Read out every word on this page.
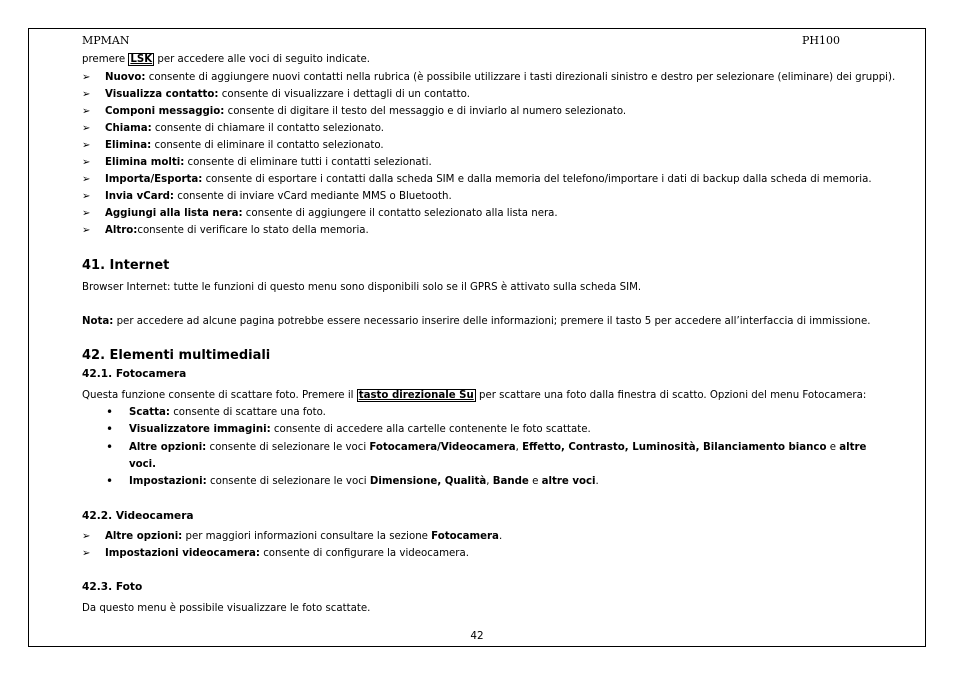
MPMAN	PH100
premere LSK per accedere alle voci di seguito indicate.
➢ Nuovo: consente di aggiungere nuovi contatti nella rubrica (è possibile utilizzare i tasti direzionali sinistro e destro per selezionare (eliminare) dei gruppi).
➢ Visualizza contatto: consente di visualizzare i dettagli di un contatto.
➢ Componi messaggio: consente di digitare il testo del messaggio e di inviarlo al numero selezionato.
➢ Chiama: consente di chiamare il contatto selezionato.
➢ Elimina: consente di eliminare il contatto selezionato.
➢ Elimina molti: consente di eliminare tutti i contatti selezionati.
➢ Importa/Esporta: consente di esportare i contatti dalla scheda SIM e dalla memoria del telefono/importare i dati di backup dalla scheda di memoria.
➢ Invia vCard: consente di inviare vCard mediante MMS o Bluetooth.
➢ Aggiungi alla lista nera: consente di aggiungere il contatto selezionato alla lista nera.
➢ Altro:consente di verificare lo stato della memoria.
41. Internet
Browser Internet: tutte le funzioni di questo menu sono disponibili solo se il GPRS è attivato sulla scheda SIM.
Nota: per accedere ad alcune pagina potrebbe essere necessario inserire delle informazioni; premere il tasto 5 per accedere all’interfaccia di immissione.
42. Elementi multimediali
42.1. Fotocamera
Questa funzione consente di scattare foto. Premere il tasto direzionale Su per scattare una foto dalla finestra di scatto. Opzioni del menu Fotocamera:
• Scatta: consente di scattare una foto.
• Visualizzatore immagini: consente di accedere alla cartelle contenente le foto scattate.
• Altre opzioni: consente di selezionare le voci Fotocamera/Videocamera, Effetto, Contrasto, Luminosità, Bilanciamento bianco e altre
voci.
• Impostazioni: consente di selezionare le voci Dimensione, Qualità, Bande e altre voci.
42.2. Videocamera
➢ Altre opzioni: per maggiori informazioni consultare la sezione Fotocamera.
➢ Impostazioni videocamera: consente di configurare la videocamera.
42.3. Foto
Da questo menu è possibile visualizzare le foto scattate.
42
